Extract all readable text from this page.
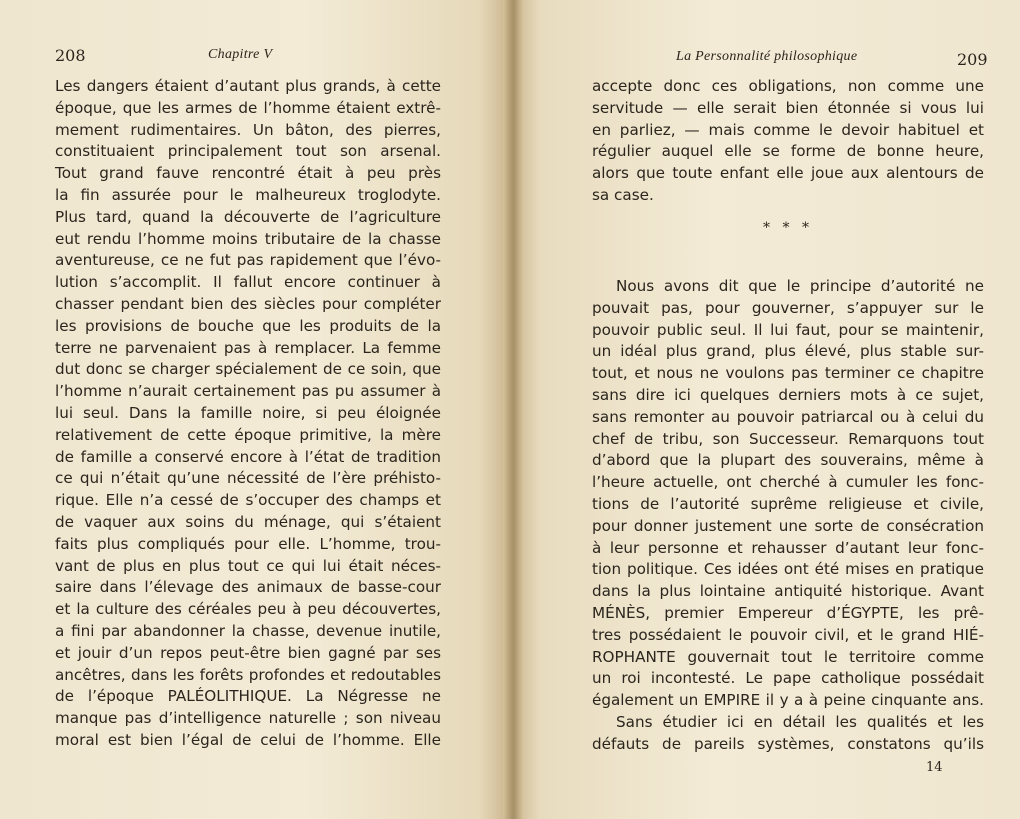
208	Chapitre V
Les dangers étaient d’autant plus grands, à cette
époque, que les armes de l’homme étaient extrê-
mement rudimentaires. Un bâton, des pierres,
constituaient principalement tout son arsenal.
Tout grand fauve rencontré était à peu près
la fin assurée pour le malheureux troglodyte.
Plus tard, quand la découverte de l’agriculture
eut rendu l’homme moins tributaire de la chasse
aventureuse, ce ne fut pas rapidement que l’évo-
lution s’accomplit. Il fallut encore continuer à
chasser pendant bien des siècles pour compléter
les provisions de bouche que les produits de la
terre ne parvenaient pas à remplacer. La femme
dut donc se charger spécialement de ce soin, que
l’homme n’aurait certainement pas pu assumer à
lui seul. Dans la famille noire, si peu éloignée
relativement de cette époque primitive, la mère
de famille a conservé encore à l’état de tradition
ce qui n’était qu’une nécessité de l’ère préhisto-
rique. Elle n’a cessé de s’occuper des champs et
de vaquer aux soins du ménage, qui s’étaient
faits plus compliqués pour elle. L’homme, trou-
vant de plus en plus tout ce qui lui était néces-
saire dans l’élevage des animaux de basse-cour
et la culture des céréales peu à peu découvertes,
a fini par abandonner la chasse, devenue inutile,
et jouir d’un repos peut-être bien gagné par ses
ancêtres, dans les forêts profondes et redoutables
de l’époque PALÉOLITHIQUE. La Négresse ne
manque pas d’intelligence naturelle ; son niveau
moral est bien l’égal de celui de l’homme. Elle
La Personnalité philosophique	209
accepte donc ces obligations, non comme une
servitude — elle serait bien étonnée si vous lui
en parliez, — mais comme le devoir habituel et
régulier auquel elle se forme de bonne heure,
alors que toute enfant elle joue aux alentours de
sa case.
* * *
Nous avons dit que le principe d’autorité ne
pouvait pas, pour gouverner, s’appuyer sur le
pouvoir public seul. Il lui faut, pour se maintenir,
un idéal plus grand, plus élevé, plus stable sur-
tout, et nous ne voulons pas terminer ce chapitre
sans dire ici quelques derniers mots à ce sujet,
sans remonter au pouvoir patriarcal ou à celui du
chef de tribu, son Successeur. Remarquons tout
d’abord que la plupart des souverains, même à
l’heure actuelle, ont cherché à cumuler les fonc-
tions de l’autorité suprême religieuse et civile,
pour donner justement une sorte de consécration
à leur personne et rehausser d’autant leur fonc-
tion politique. Ces idées ont été mises en pratique
dans la plus lointaine antiquité historique. Avant
MÉNÈS, premier Empereur d’ÉGYPTE, les prê-
tres possédaient le pouvoir civil, et le grand HIÉ-
ROPHANTE gouvernait tout le territoire comme
un roi incontesté. Le pape catholique possédait
également un EMPIRE il y a à peine cinquante ans.
Sans étudier ici en détail les qualités et les
défauts de pareils systèmes, constatons qu’ils
14
